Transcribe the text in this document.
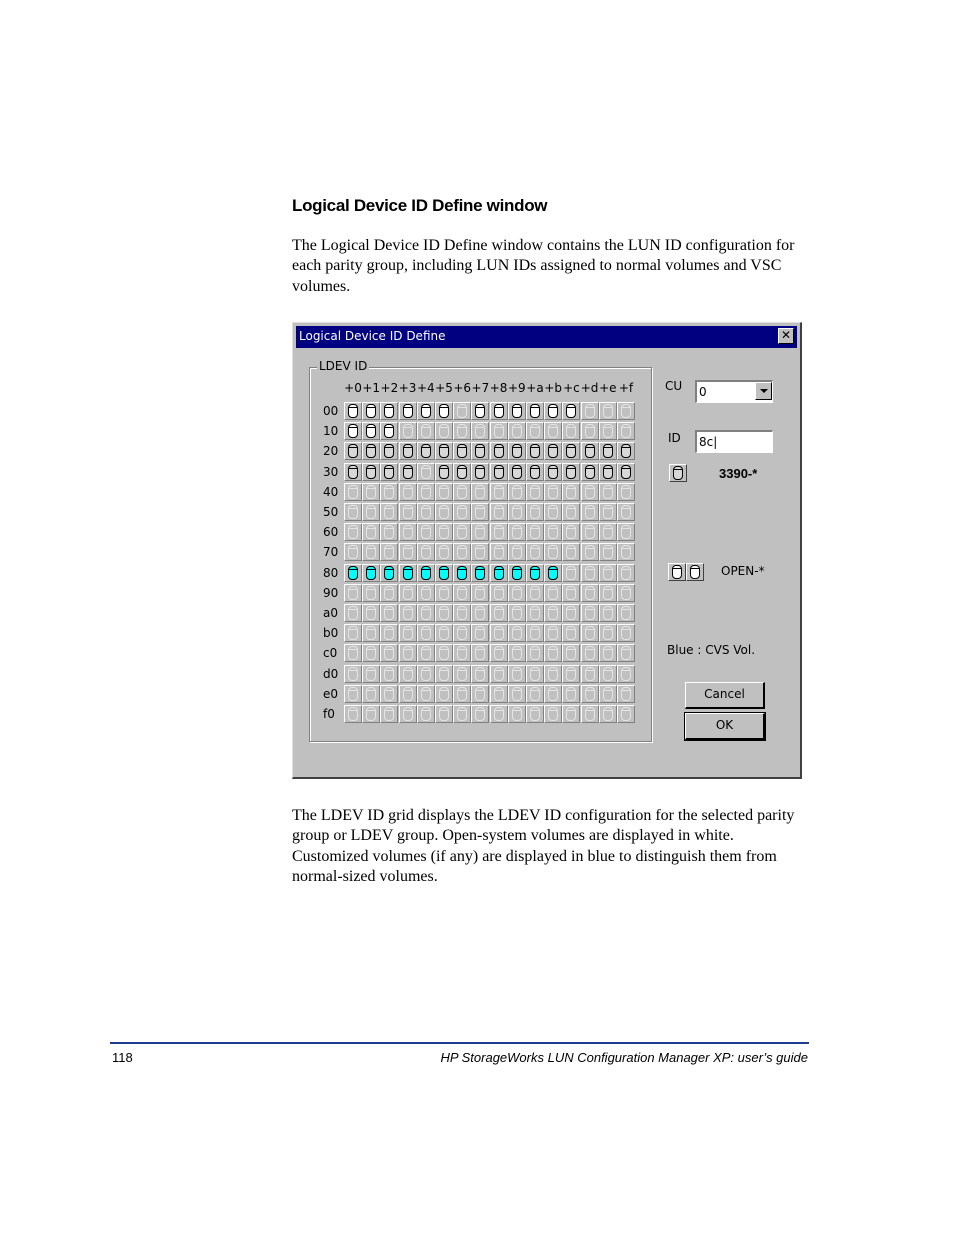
Logical Device ID Define window
The Logical Device ID Define window contains the LUN ID configuration for each parity group, including LUN IDs assigned to normal volumes and VSC volumes.
Logical Device ID Define	✕
LDEV ID
CU 0
ID 8c|
3390-*
OPEN-*
Blue : CVS Vol.
Cancel
OK
+0 +1 +2 +3 +4 +5 +6 +7 +8 +9 +a +b +c +d +e +f
00
10
20
30
40
50
60
70
80
90
a0
b0
c0
d0
e0
f0
The LDEV ID grid displays the LDEV ID configuration for the selected parity group or LDEV group. Open-system volumes are displayed in white. Customized volumes (if any) are displayed in blue to distinguish them from normal-sized volumes.
118	HP StorageWorks LUN Configuration Manager XP: user’s guide
